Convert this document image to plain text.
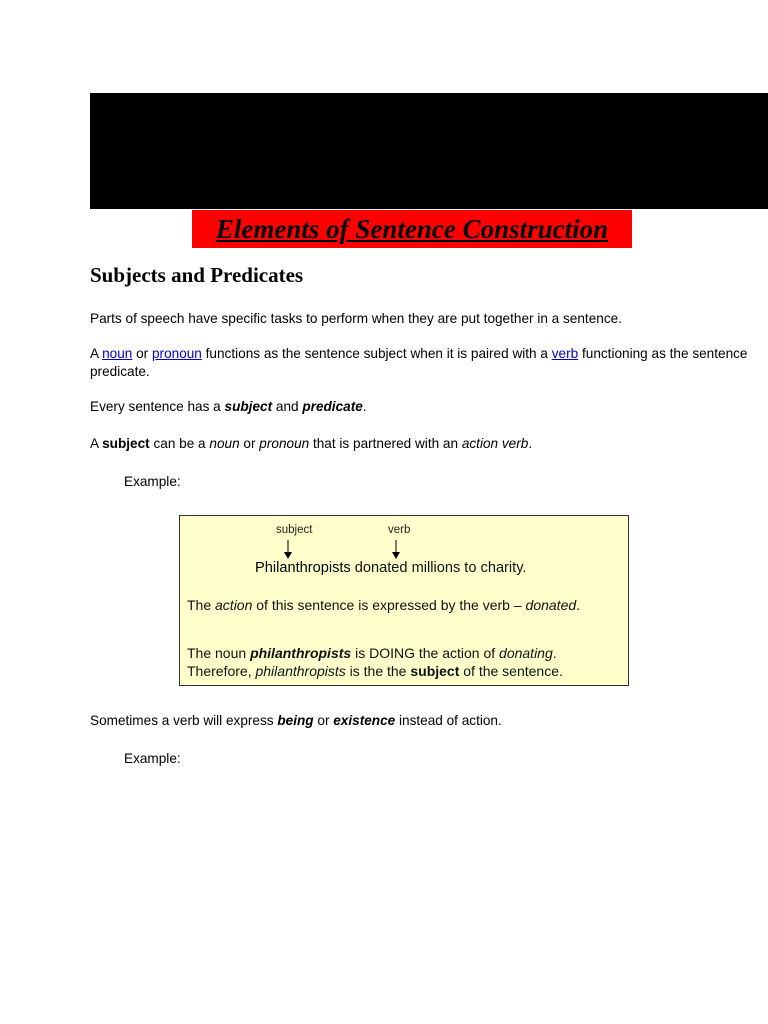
Elements of Sentence Construction
Subjects and Predicates
Parts of speech have specific tasks to perform when they are put together in a sentence.
A noun or pronoun functions as the sentence subject when it is paired with a verb functioning as the sentence predicate.
Every sentence has a subject and predicate.
A subject can be a noun or pronoun that is partnered with an action verb.
Example:
subject	verb
Philanthropists donated millions to charity.
The action of this sentence is expressed by the verb – donated.
The noun philanthropists is DOING the action of donating.
Therefore, philanthropists is the the subject of the sentence.
Sometimes a verb will express being or existence instead of action.
Example:
